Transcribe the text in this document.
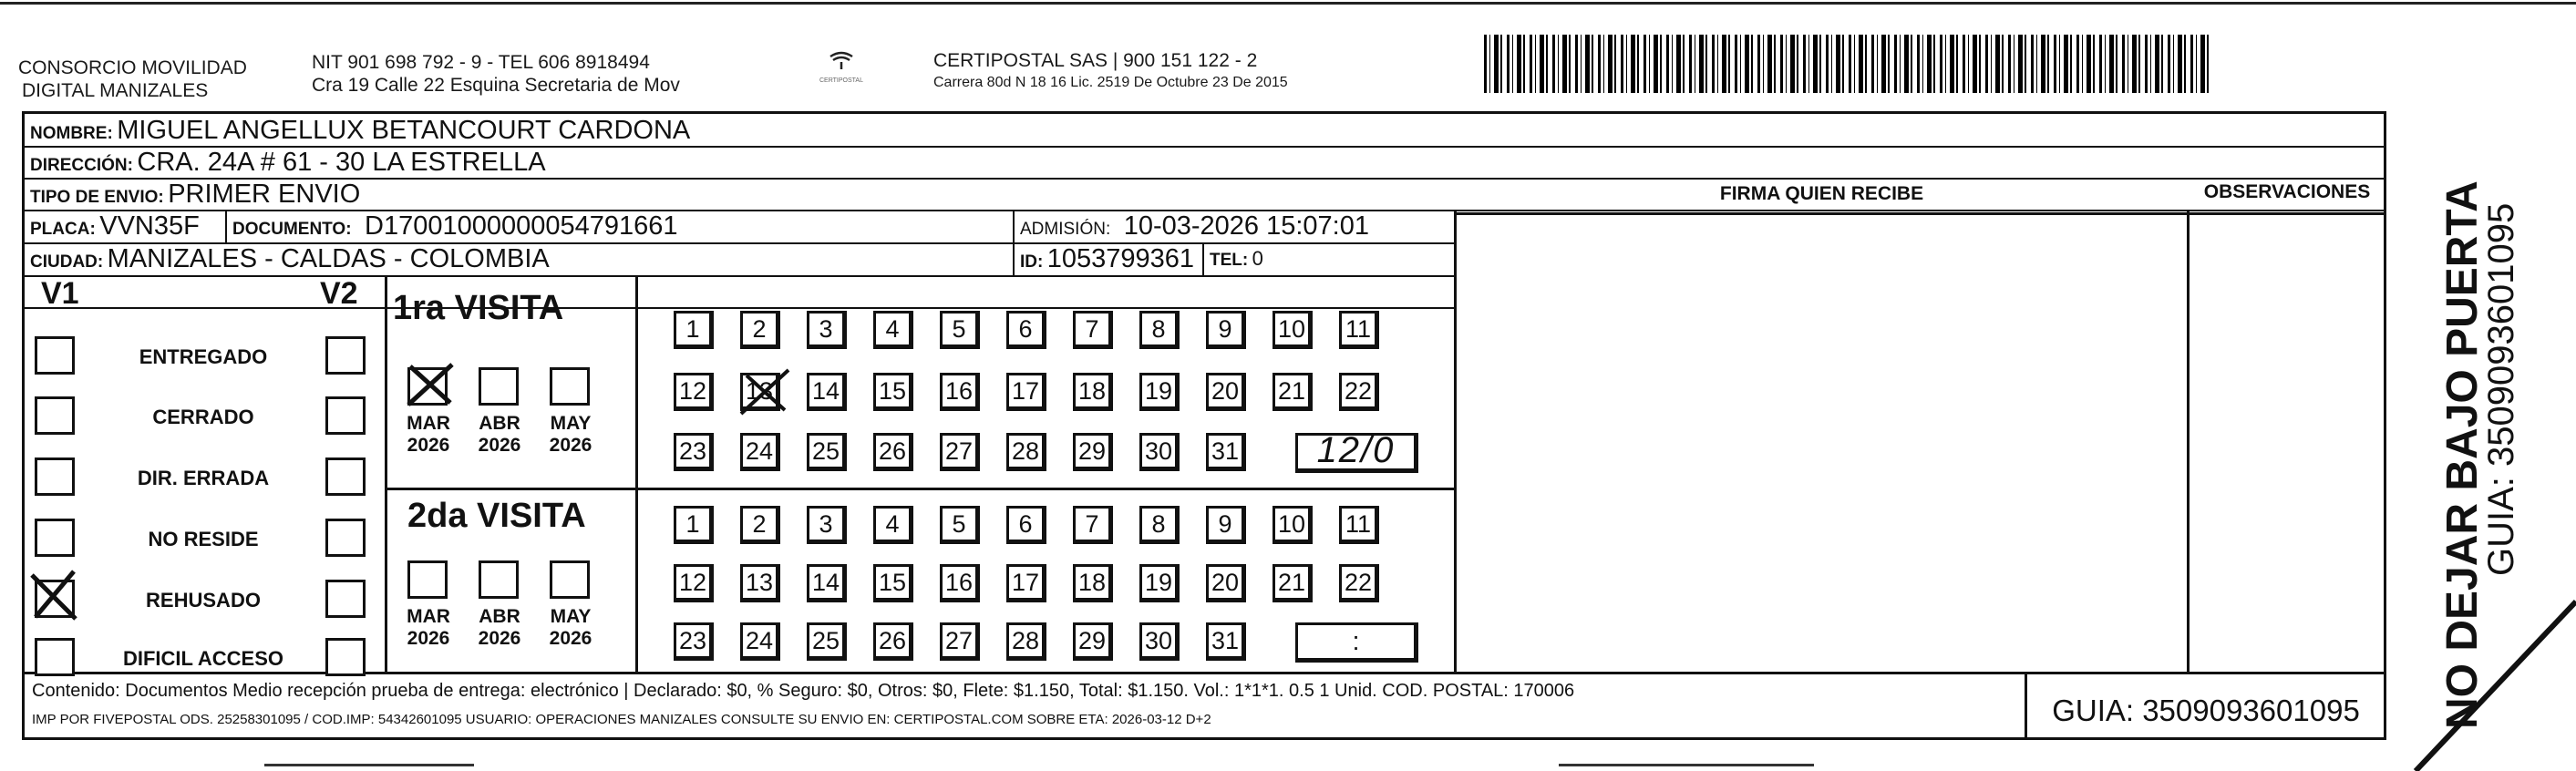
CONSORCIO MOVILIDAD
DIGITAL MANIZALES
NIT 901 698 792 - 9 - TEL 606 8918494
Cra 19 Calle 22 Esquina Secretaria de Mov	CERTIPOSTAL
CERTIPOSTAL SAS | 900 151 122 - 2
Carrera 80d N 18 16 Lic. 2519 De Octubre 23 De 2015
NOMBRE: MIGUEL ANGELLUX BETANCOURT CARDONA
DIRECCIÓN: CRA. 24A # 61 - 30 LA ESTRELLA
TIPO DE ENVIO: PRIMER ENVIO
PLACA: VVN35F DOCUMENTO: D17001000000054791661	ADMISIÓN: 10-03-2026 15:07:01
CIUDAD: MANIZALES - CALDAS - COLOMBIA	ID: 1053799361 TEL: 0
FIRMA QUIEN RECIBE	OBSERVACIONES
V1	V2
ENTREGADO
CERRADO
DIR. ERRADA
NO RESIDE
REHUSADO
DIFICIL ACCESO
1ra VISITA
MAR
2026
ABR
2026
MAY
2026
1	2	3	4	5	6	7	8	9	10 11
12 13 14 15 16 17 18 19 20 21 22
23 24 25 26 27 28 29 30 31	12/0
2da VISITA
MAR
2026
ABR
2026
MAY
2026
1	2	3	4	5	6	7	8	9	10 11
12 13 14 15 16 17 18 19 20 21 22
23 24 25 26 27 28 29 30 31	:
Contenido: Documentos Medio recepción prueba de entrega: electrónico | Declarado: $0, % Seguro: $0, Otros: $0, Flete: $1.150, Total: $1.150. Vol.: 1*1*1. 0.5 1 Unid. COD. POSTAL: 170006
IMP POR FIVEPOSTAL ODS. 25258301095 / COD.IMP: 54342601095 USUARIO: OPERACIONES MANIZALES CONSULTE SU ENVIO EN: CERTIPOSTAL.COM SOBRE ETA: 2026-03-12 D+2	GUIA: 3509093601095	NO DEJAR BAJO PUERTA
GUIA: 3509093601095
